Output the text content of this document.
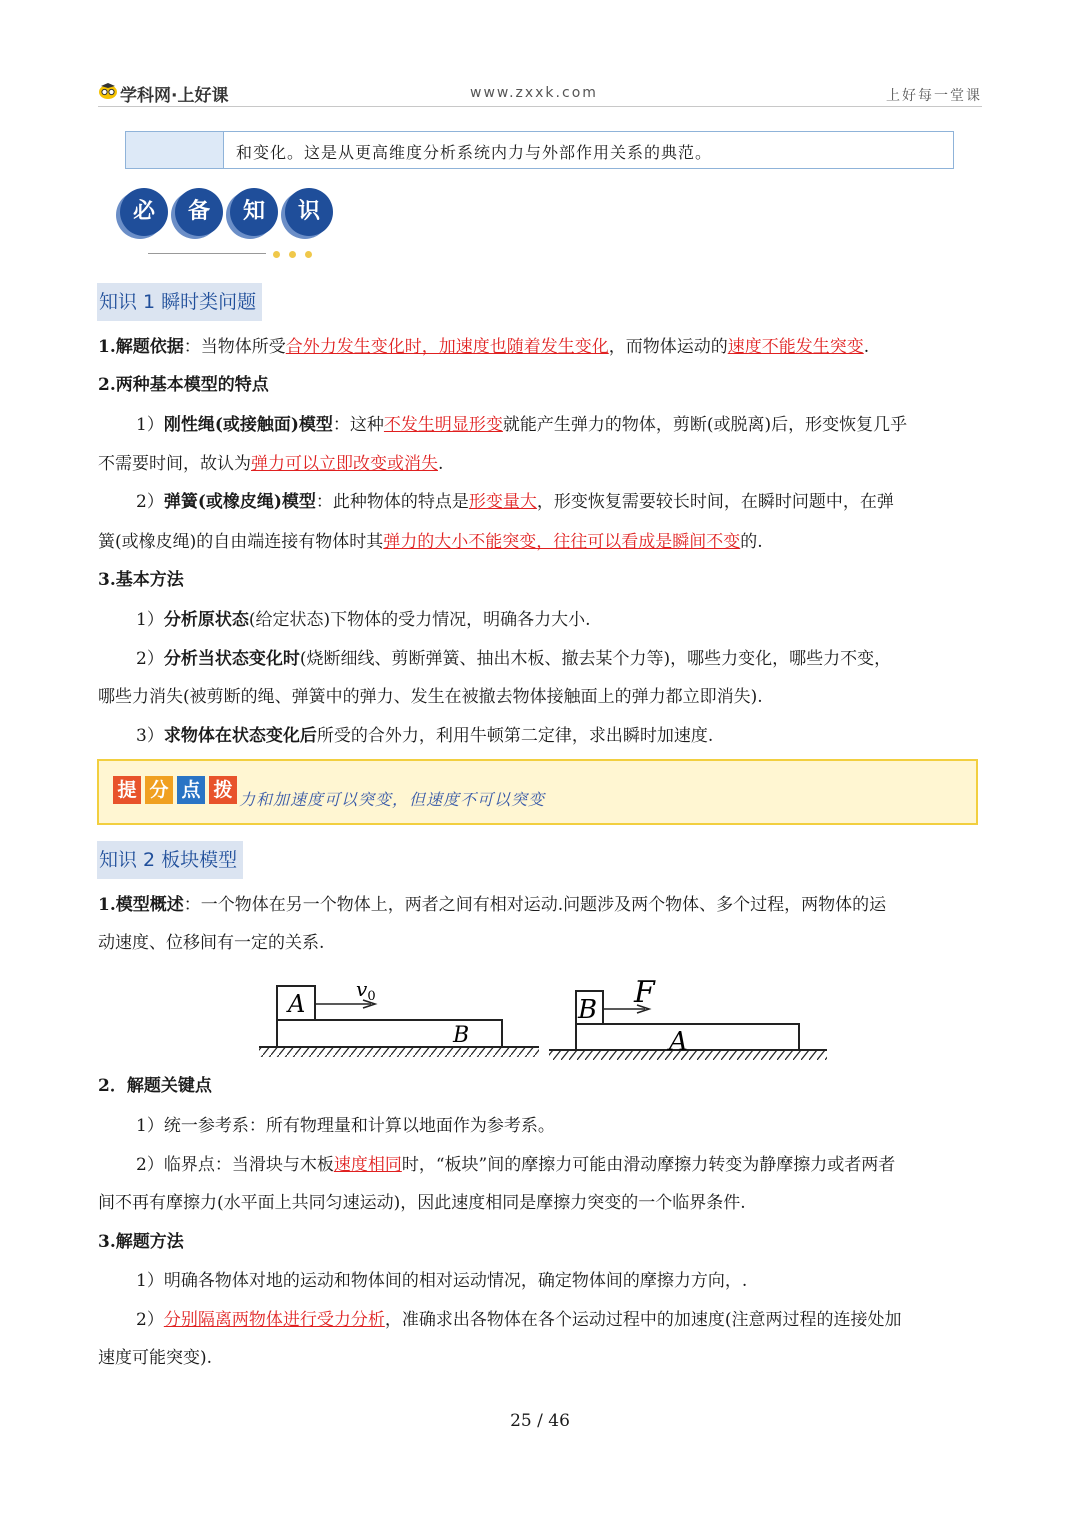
学科网·上好课	www.zxxk.com	上好每一堂课
和变化。这是从更高维度分析系统内力与外部作用关系的典范。
必	备	知	识
知识 1 瞬时类问题
1.解题依据：当物体所受合外力发生变化时，加速度也随着发生变化，而物体运动的速度不能发生突变.
2.两种基本模型的特点
1）刚性绳(或接触面)模型：这种不发生明显形变就能产生弹力的物体，剪断(或脱离)后，形变恢复几乎
不需要时间，故认为弹力可以立即改变或消失.
2）弹簧(或橡皮绳)模型：此种物体的特点是形变量大，形变恢复需要较长时间，在瞬时问题中，在弹
簧(或橡皮绳)的自由端连接有物体时其弹力的大小不能突变，往往可以看成是瞬间不变的.
3.基本方法
1）分析原状态(给定状态)下物体的受力情况，明确各力大小.
2）分析当状态变化时(烧断细线、剪断弹簧、抽出木板、撤去某个力等)，哪些力变化，哪些力不变，
哪些力消失(被剪断的绳、弹簧中的弹力、发生在被撤去物体接触面上的弹力都立即消失).
3）求物体在状态变化后所受的合外力，利用牛顿第二定律，求出瞬时加速度.
提 分 点 拨 力和加速度可以突变，但速度不可以突变
知识 2 板块模型
1.模型概述：一个物体在另一个物体上，两者之间有相对运动.问题涉及两个物体、多个过程，两物体的运
动速度、位移间有一定的关系.
A
$v_0$
B
B F
A
2．解题关键点
1）统一参考系：所有物理量和计算以地面作为参考系。
2）临界点：当滑块与木板速度相同时，“板块”间的摩擦力可能由滑动摩擦力转变为静摩擦力或者两者
间不再有摩擦力(水平面上共同匀速运动)，因此速度相同是摩擦力突变的一个临界条件.
3.解题方法
1）明确各物体对地的运动和物体间的相对运动情况，确定物体间的摩擦力方向，.
2）分别隔离两物体进行受力分析，准确求出各物体在各个运动过程中的加速度(注意两过程的连接处加
速度可能突变).
25 / 46
